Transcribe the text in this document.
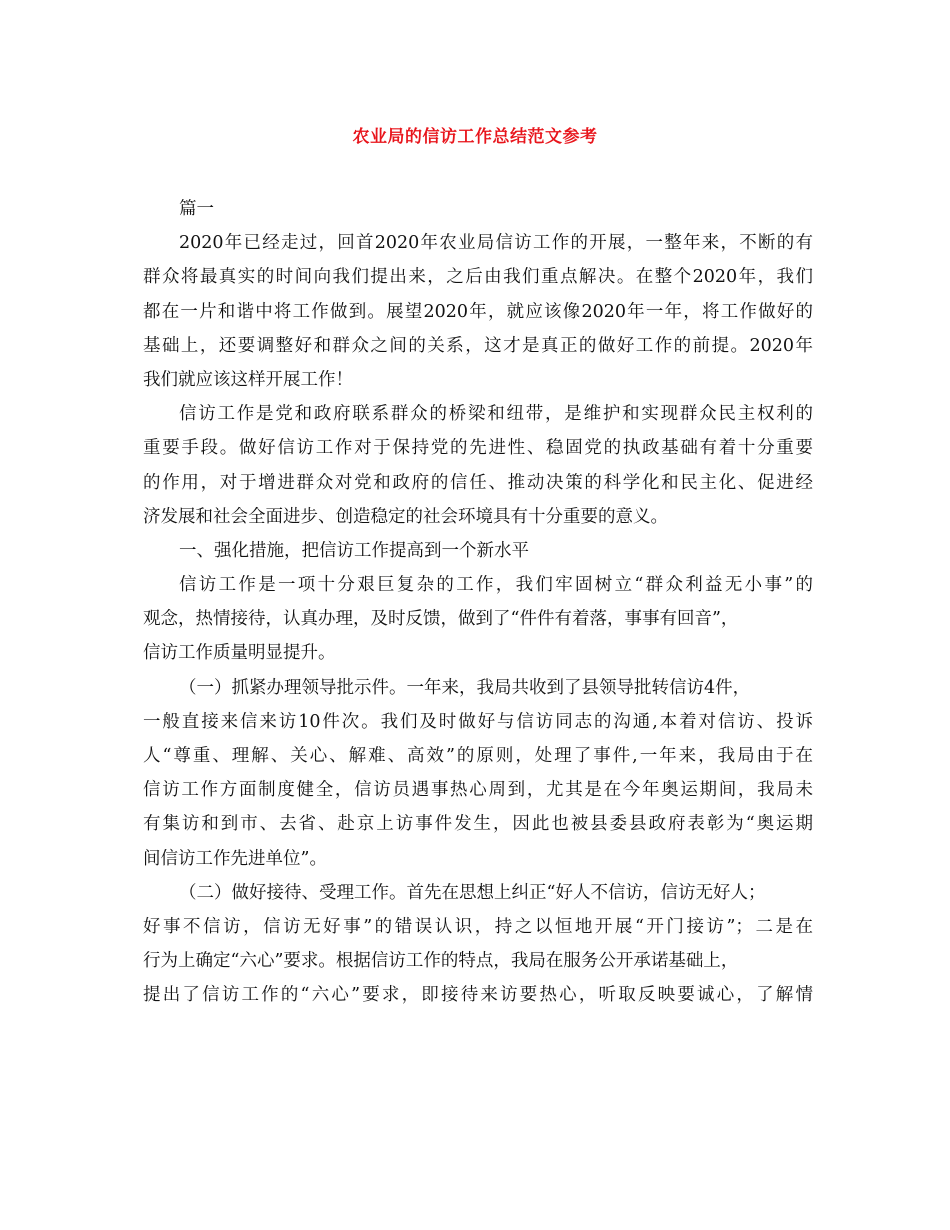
农业局的信访工作总结范文参考
篇一
2020年已经走过，回首2020年农业局信访工作的开展，一整年来，不断的有
群众将最真实的时间向我们提出来，之后由我们重点解决。在整个2020年，我们
都在一片和谐中将工作做到。展望2020年，就应该像2020年一年，将工作做好的
基础上，还要调整好和群众之间的关系，这才是真正的做好工作的前提。2020年
我们就应该这样开展工作！
信访工作是党和政府联系群众的桥梁和纽带，是维护和实现群众民主权利的
重要手段。做好信访工作对于保持党的先进性、稳固党的执政基础有着十分重要
的作用，对于增进群众对党和政府的信任、推动决策的科学化和民主化、促进经
济发展和社会全面进步、创造稳定的社会环境具有十分重要的意义。
一、强化措施，把信访工作提高到一个新水平
信访工作是一项十分艰巨复杂的工作，我们牢固树立“群众利益无小事”的
观念，热情接待，认真办理，及时反馈，做到了“件件有着落，事事有回音”，
信访工作质量明显提升。
（一）抓紧办理领导批示件。一年来，我局共收到了县领导批转信访4件，
一般直接来信来访10件次。我们及时做好与信访同志的沟通,本着对信访、投诉
人“尊重、理解、关心、解难、高效”的原则，处理了事件,一年来，我局由于在
信访工作方面制度健全，信访员遇事热心周到，尤其是在今年奥运期间，我局未
有集访和到市、去省、赴京上访事件发生，因此也被县委县政府表彰为“奥运期
间信访工作先进单位”。
（二）做好接待、受理工作。首先在思想上纠正“好人不信访，信访无好人；
好事不信访，信访无好事”的错误认识，持之以恒地开展“开门接访”；二是在
行为上确定“六心”要求。根据信访工作的特点，我局在服务公开承诺基础上，
提出了信访工作的“六心”要求，即接待来访要热心，听取反映要诚心，了解情
